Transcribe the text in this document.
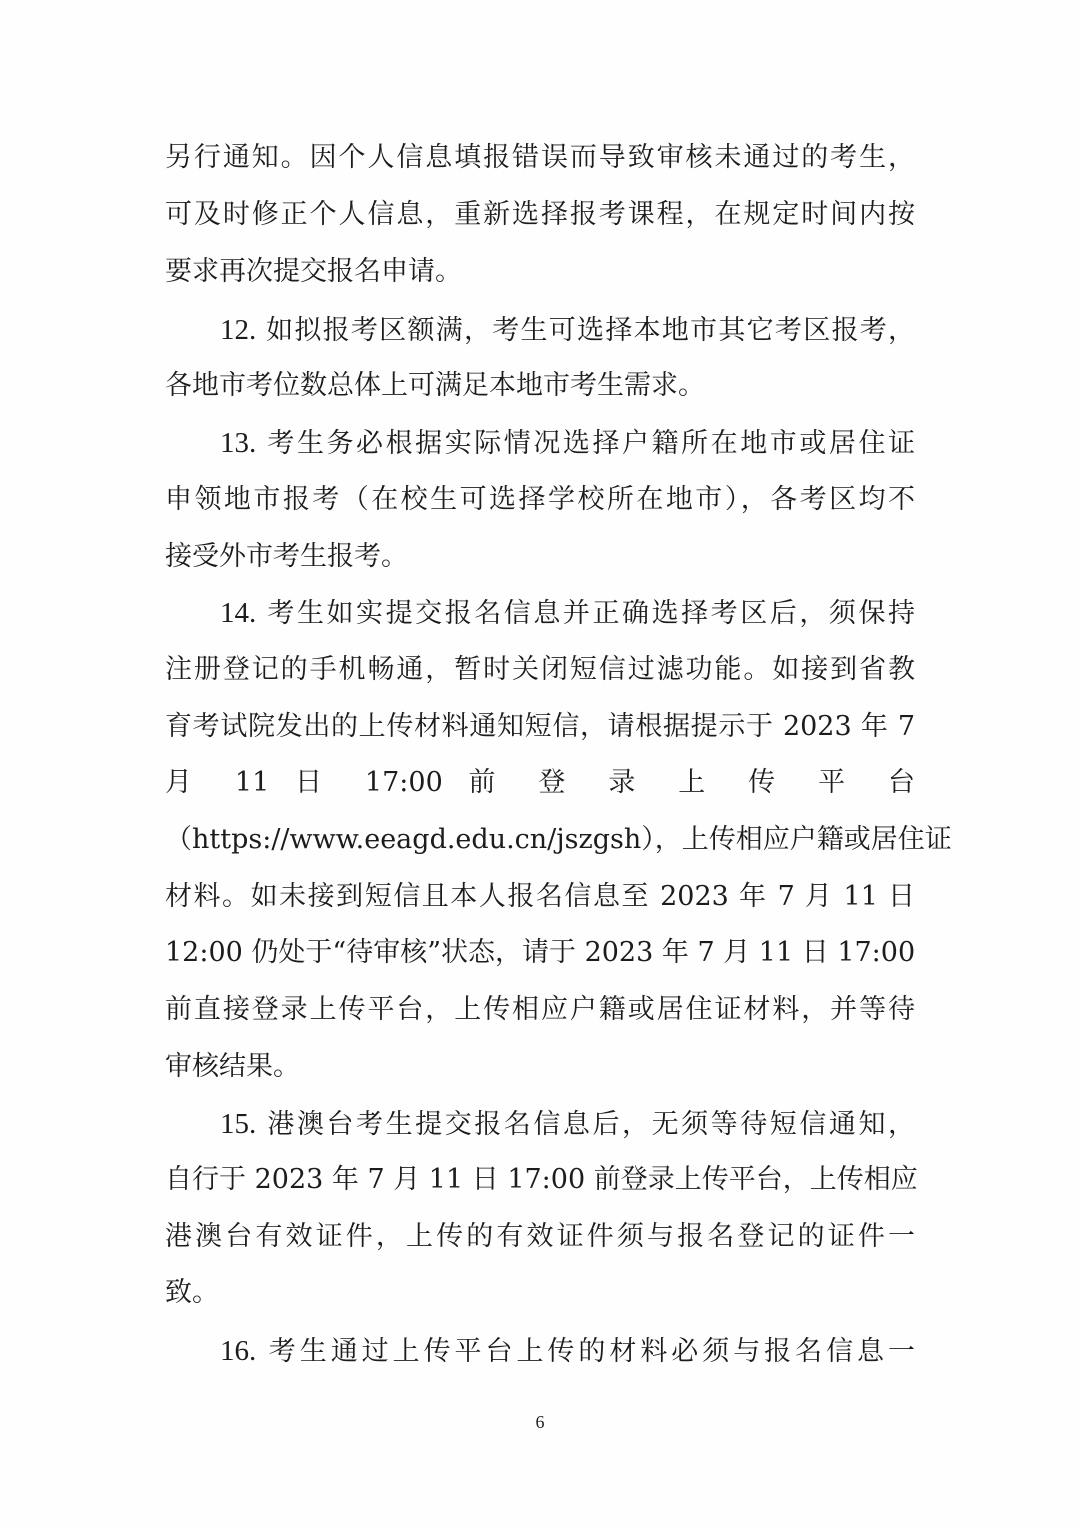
另行通知。因个人信息填报错误而导致审核未通过的考生，
可及时修正个人信息，重新选择报考课程，在规定时间内按
要求再次提交报名申请。
12. 如拟报考区额满，考生可选择本地市其它考区报考，
各地市考位数总体上可满足本地市考生需求。
13. 考生务必根据实际情况选择户籍所在地市或居住证
申领地市报考（在校生可选择学校所在地市），各考区均不
接受外市考生报考。
14. 考生如实提交报名信息并正确选择考区后，须保持
注册登记的手机畅通，暂时关闭短信过滤功能。如接到省教
育考试院发出的上传材料通知短信，请根据提示于 2023 年 7
月 11 日 17:00 前 登 录 上 传 平 台
（https://www.eeagd.edu.cn/jszgsh），上传相应户籍或居住证
材料。如未接到短信且本人报名信息至 2023 年 7 月 11 日
12:00 仍处于“待审核”状态，请于 2023 年 7 月 11 日 17:00
前直接登录上传平台，上传相应户籍或居住证材料，并等待
审核结果。
15. 港澳台考生提交报名信息后，无须等待短信通知，
自行于 2023 年 7 月 11 日 17:00 前登录上传平台，上传相应
港澳台有效证件，上传的有效证件须与报名登记的证件一
致。
16. 考生通过上传平台上传的材料必须与报名信息一
6
